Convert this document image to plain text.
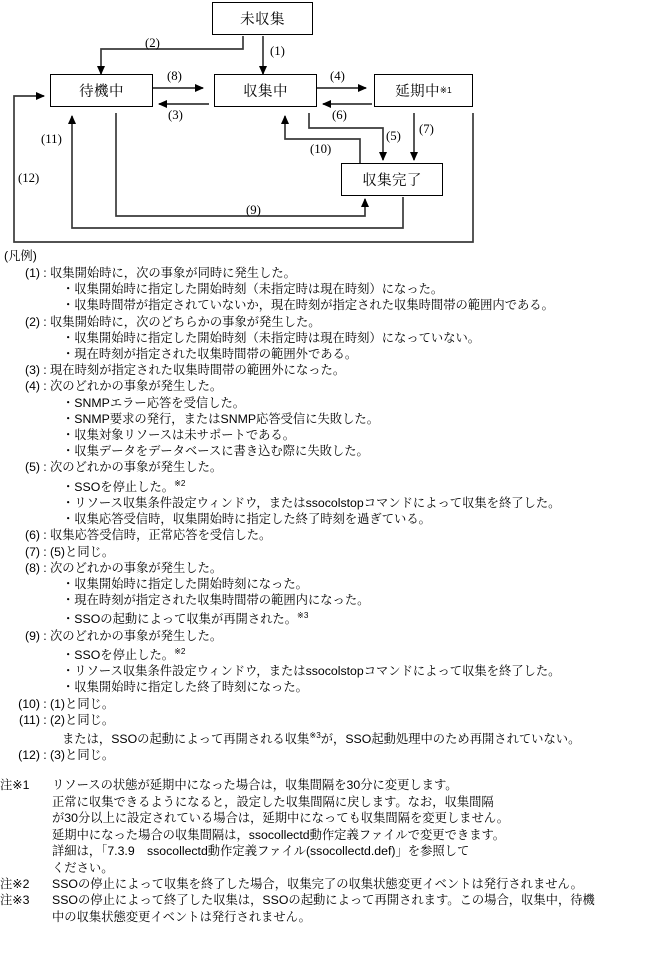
未収集
待機中	収集中	延期中 ※1
収集完了
(2)
(1)
(8)
(3)
(4)
(6)
(5) (7)
(10)
(9)
(11)
(12)
(凡例)
(1) : 収集開始時に，次の事象が同時に発生した。
・収集開始時に指定した開始時刻（未指定時は現在時刻）になった。
・収集時間帯が指定されていないか，現在時刻が指定された収集時間帯の範囲内である。
(2) : 収集開始時に，次のどちらかの事象が発生した。
・収集開始時に指定した開始時刻（未指定時は現在時刻）になっていない。
・現在時刻が指定された収集時間帯の範囲外である。
(3) : 現在時刻が指定された収集時間帯の範囲外になった。
(4) : 次のどれかの事象が発生した。
・SNMPエラー応答を受信した。
・SNMP要求の発行，またはSNMP応答受信に失敗した。
・収集対象リソースは未サポートである。
・収集データをデータベースに書き込む際に失敗した。
(5) : 次のどれかの事象が発生した。
・SSOを停止した。$^{※2}$
・リソース収集条件設定ウィンドウ，またはssocolstopコマンドによって収集を終了した。
・収集応答受信時，収集開始時に指定した終了時刻を過ぎている。
(6) : 収集応答受信時，正常応答を受信した。
(7) : (5)と同じ。
(8) : 次のどれかの事象が発生した。
・収集開始時に指定した開始時刻になった。
・現在時刻が指定された収集時間帯の範囲内になった。
・SSOの起動によって収集が再開された。$^{※3}$
(9) : 次のどれかの事象が発生した。
・SSOを停止した。$^{※2}$
・リソース収集条件設定ウィンドウ，またはssocolstopコマンドによって収集を終了した。
・収集開始時に指定した終了時刻になった。
(10) : (1)と同じ。
(11) : (2)と同じ。
または，SSOの起動によって再開される収集$^{※3}$が，SSO起動処理中のため再開されていない。
(12) : (3)と同じ。
注※1	リソースの状態が延期中になった場合は，収集間隔を30分に変更します。
正常に収集できるようになると，設定した収集間隔に戻します。なお，収集間隔
が30分以上に設定されている場合は，延期中になっても収集間隔を変更しません。
延期中になった場合の収集間隔は，ssocollectd動作定義ファイルで変更できます。
詳細は，「7.3.9　ssocollectd動作定義ファイル(ssocollectd.def)」を参照して
ください。
注※2	SSOの停止によって収集を終了した場合，収集完了の収集状態変更イベントは発行されません。
注※3	SSOの停止によって終了した収集は，SSOの起動によって再開されます。この場合，収集中，待機
中の収集状態変更イベントは発行されません。
